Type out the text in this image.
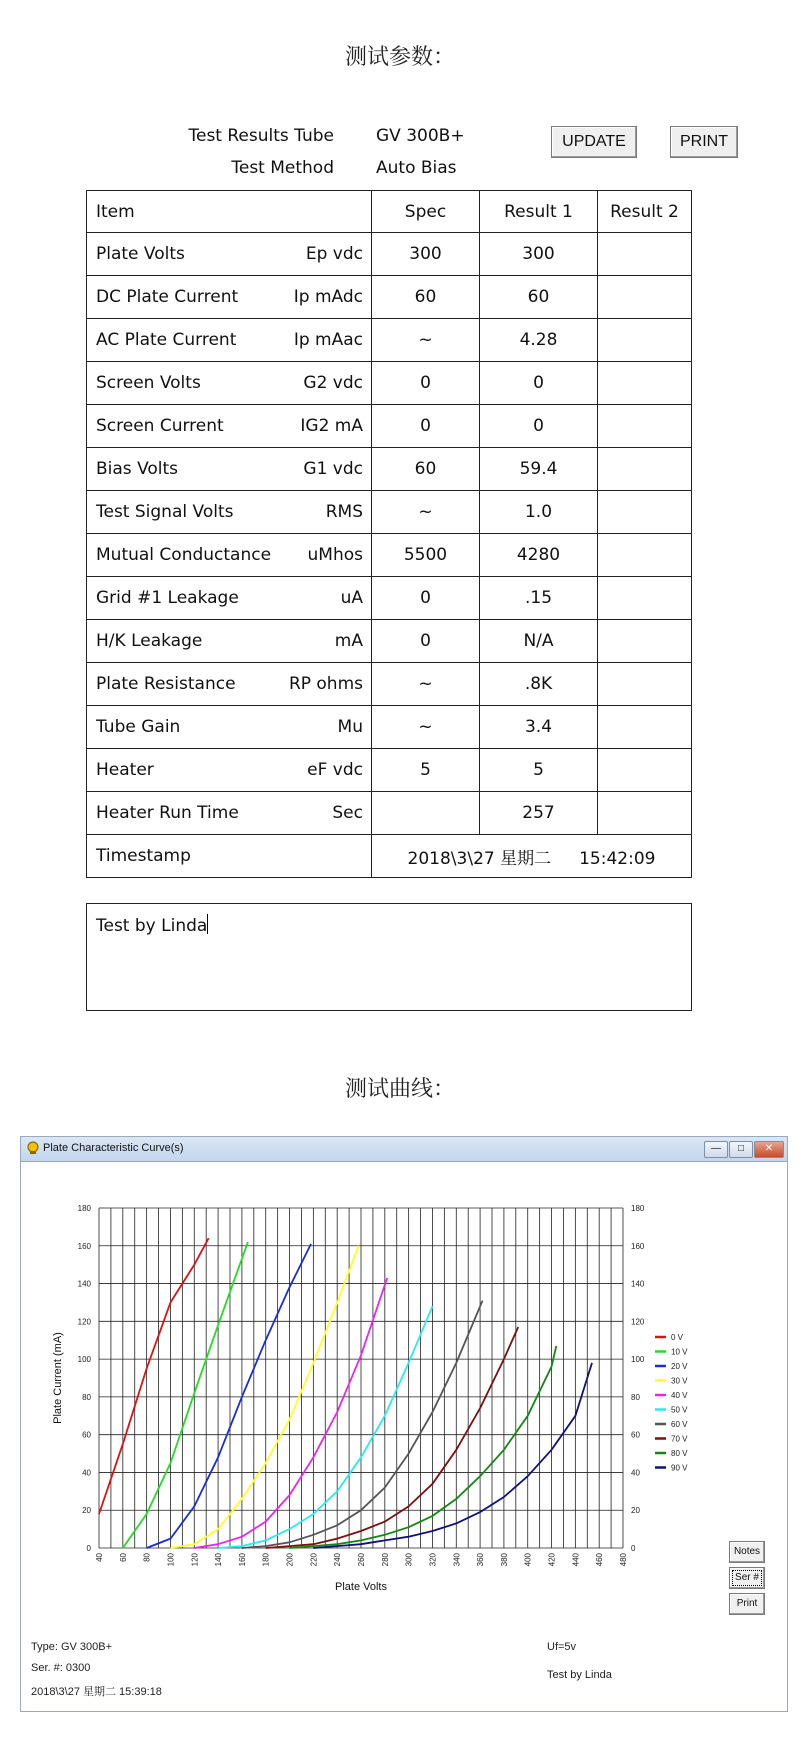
测试参数：
Test Results Tube GV 300B+
Test Method Auto Bias
UPDATE	PRINT
Item	Spec	Result 1	Result 2

Plate Volts Ep vdc	300	300	

DC Plate Current Ip mAdc	60	60	

AC Plate Current Ip mAac	~	4.28	

Screen Volts G2 vdc	0	0	

Screen Current IG2 mA	0	0	

Bias Volts G1 vdc	60	59.4	

Test Signal Volts RMS	~	1.0	

Mutual Conductance uMhos	5500	4280	

Grid #1 Leakage uA	0	.15	

H/K Leakage mA	0	N/A	

Plate Resistance RP ohms	~	.8K	

Tube Gain Mu	~	3.4	

Heater eF vdc	5	5	

Heater Run Time Sec		257	
Timestamp	2018\3\27 星期二 15:42:09		
Test by Linda
测试曲线：
Plate Characteristic Curve(s)	—	□	✕
0	0
20	20
40	40
60	60
80	80
100	100
120	120
140	140
160	160
180	180
40 60 80 100 120 140 160 180 200 220 240 260 280 300 320 340 360 380 400 420 440 460 480
Plate Volts
Plate Current (mA)	0 V
10 V
20 V
30 V
40 V
50 V
60 V
70 V
80 V
90 V
Notes
Ser #
Print
Type: GV 300B+
Ser. #: 0300
2018\3\27 星期二 15:39:18
Uf=5v
Test by Linda
